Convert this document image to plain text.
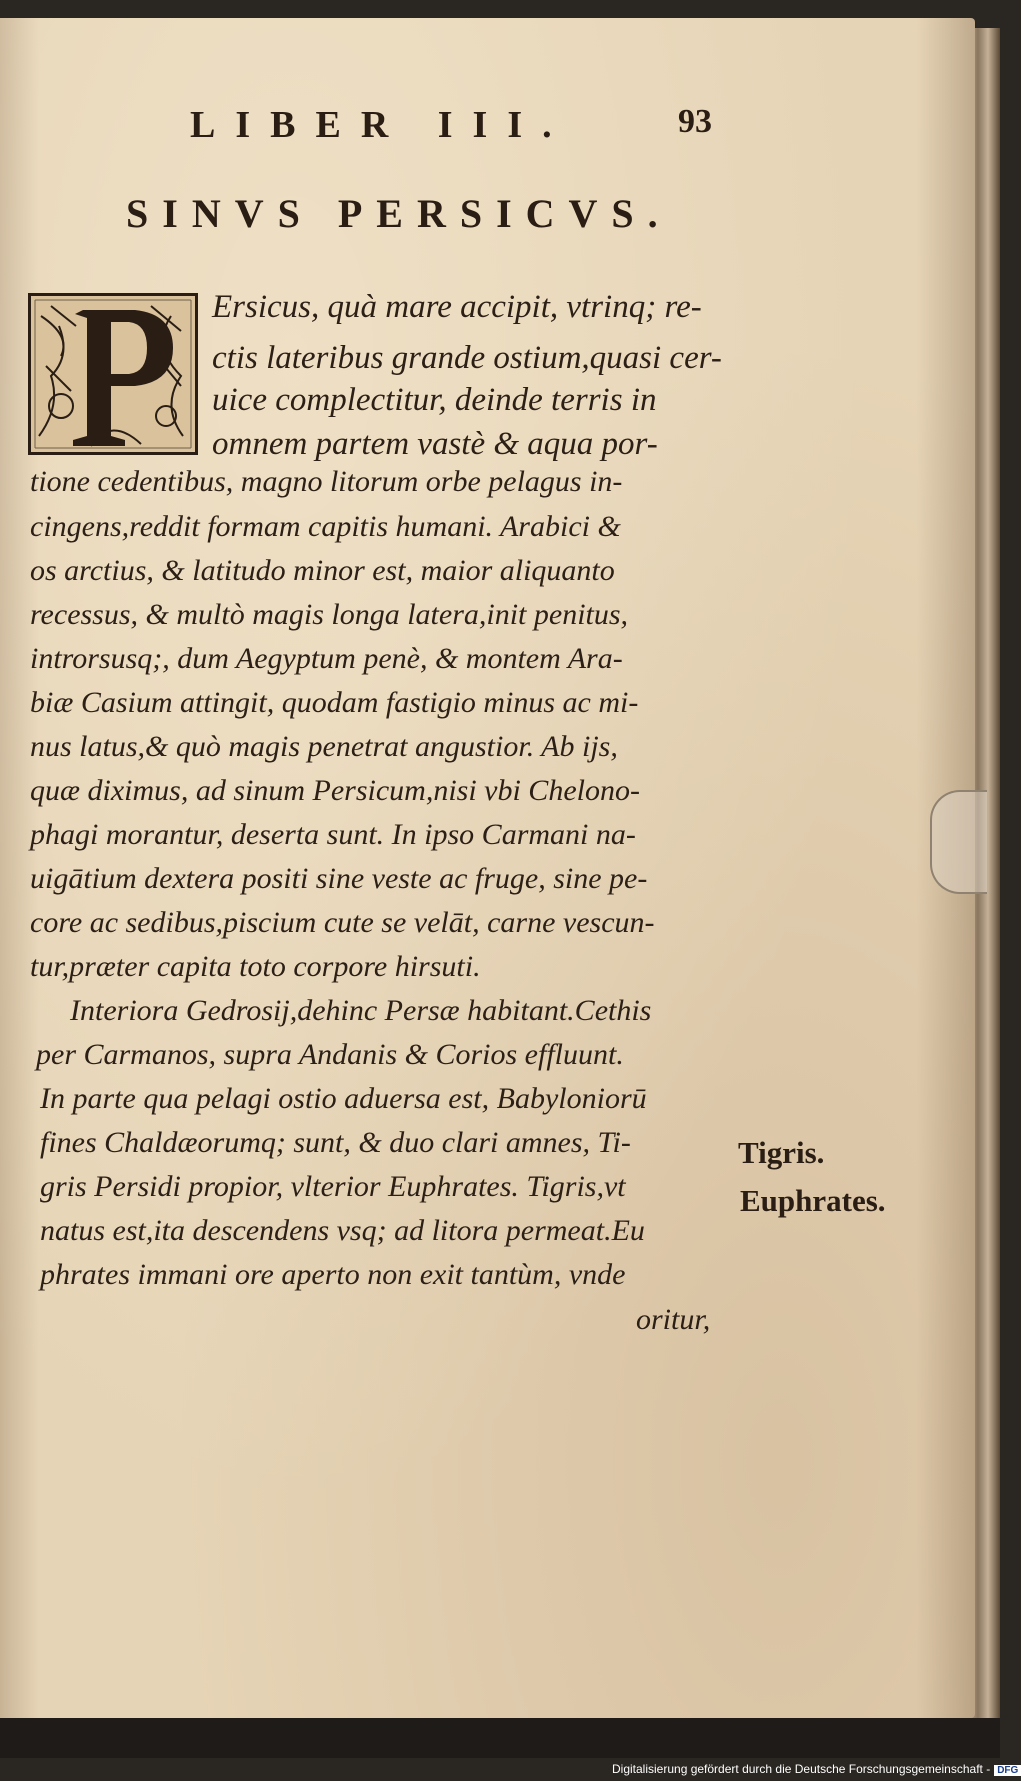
LIBER III.	93
SINVS PERSICVS.
Ersicus, quà mare accipit, vtrinq; re-
ctis lateribus grande ostium,quasi cer-
uice complectitur, deinde terris in
omnem partem vastè & aqua por-
tione cedentibus, magno litorum orbe pelagus in-
cingens,reddit formam capitis humani. Arabici &
os arctius, & latitudo minor est, maior aliquanto
recessus, & multò magis longa latera,init penitus,
introrsusq;, dum Aegyptum penè, & montem Ara-
biæ Casium attingit, quodam fastigio minus ac mi-
nus latus,& quò magis penetrat angustior. Ab ijs,
quæ diximus, ad sinum Persicum,nisi vbi Chelono-
phagi morantur, deserta sunt. In ipso Carmani na-
uigātium dextera positi sine veste ac fruge, sine pe-
core ac sedibus,piscium cute se velāt, carne vescun-
tur,præter capita toto corpore hirsuti.
Interiora Gedrosij,dehinc Persæ habitant.Cethis
per Carmanos, supra Andanis & Corios effluunt.
In parte qua pelagi ostio aduersa est, Babyloniorū
fines Chaldæorumq; sunt, & duo clari amnes, Ti-
gris Persidi propior, vlterior Euphrates. Tigris,vt
natus est,ita descendens vsq; ad litora permeat.Eu
phrates immani ore aperto non exit tantùm, vnde
oritur,
Tigris.
Euphrates.
Digitalisierung gefördert durch die Deutsche Forschungsgemeinschaft - DFG
